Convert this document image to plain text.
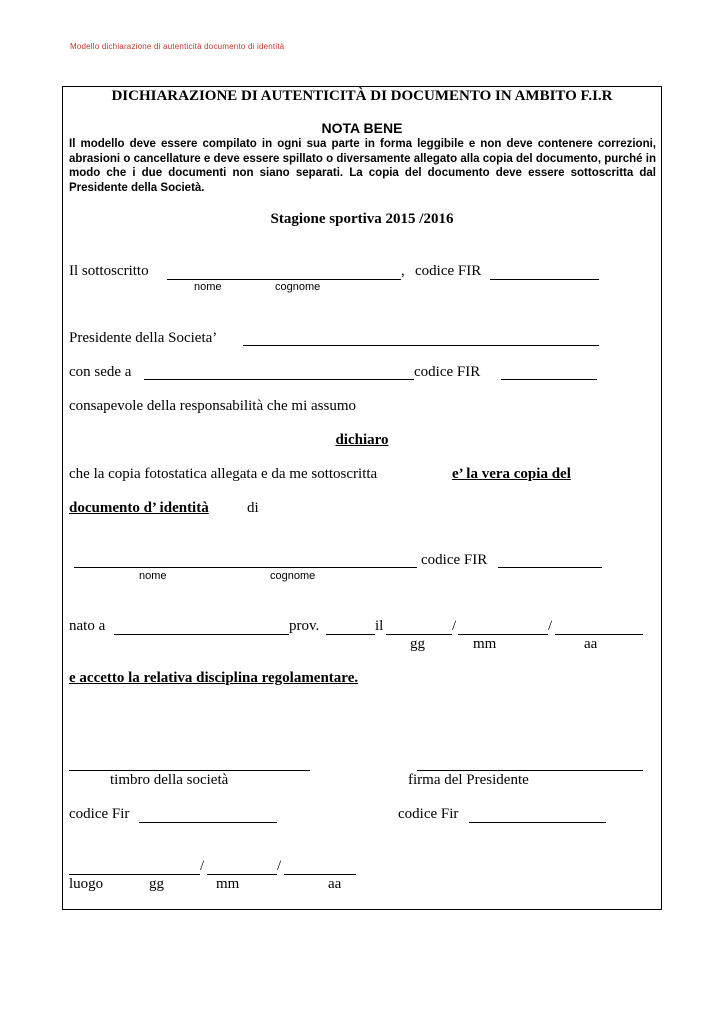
Modello dichiarazione di autenticità documento di identità
DICHIARAZIONE DI AUTENTICITÀ DI DOCUMENTO IN AMBITO F.I.R
NOTA BENE
Il modello deve essere compilato in ogni sua parte in forma leggibile e non deve contenere correzioni, abrasioni o cancellature e deve essere spillato o diversamente allegato alla copia del documento, purché in modo che i due documenti non siano separati. La copia del documento deve essere sottoscritta dal Presidente della Società.
Stagione sportiva 2015 /2016
Il sottoscritto	, codice FIR
nome	cognome
Presidente della Societa’
con sede a	codice FIR
consapevole della responsabilità che mi assumo
dichiaro
che la copia fotostatica allegata e da me sottoscritta	e’ la vera copia del
documento d’ identità	di
codice FIR
nome	cognome
nato a	prov.	il	/	/
gg	mm	aa
e accetto la relativa disciplina regolamentare.
timbro della società	firma del Presidente
codice Fir	codice Fir
/	/
luogo	gg	mm	aa
